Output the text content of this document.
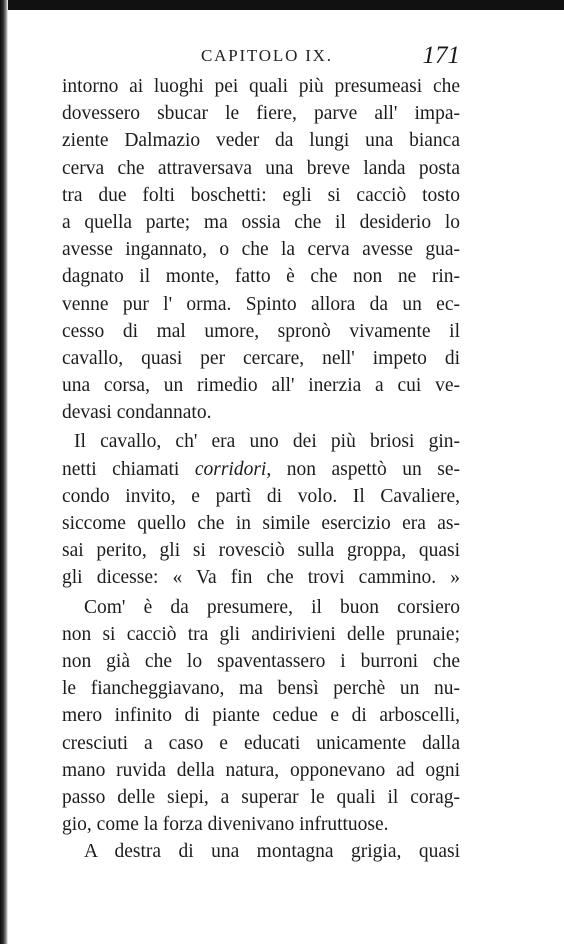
CAPITOLO IX.	171
intorno ai luoghi pei quali più presumeasi che
dovessero sbucar le fiere, parve all' impa-
ziente Dalmazio veder da lungi una bianca
cerva che attraversava una breve landa posta
tra due folti boschetti: egli si cacciò tosto
a quella parte; ma ossia che il desiderio lo
avesse ingannato, o che la cerva avesse gua-
dagnato il monte, fatto è che non ne rin-
venne pur l' orma. Spinto allora da un ec-
cesso di mal umore, spronò vivamente il
cavallo, quasi per cercare, nell' impeto di
una corsa, un rimedio all' inerzia a cui ve-
devasi condannato.
Il cavallo, ch' era uno dei più briosi gin-
netti chiamati corridori, non aspettò un se-
condo invito, e partì di volo. Il Cavaliere,
siccome quello che in simile esercizio era as-
sai perito, gli si rovesciò sulla groppa, quasi
gli dicesse: « Va fin che trovi cammino. »
Com' è da presumere, il buon corsiero
non si cacciò tra gli andirivieni delle prunaie;
non già che lo spaventassero i burroni che
le fiancheggiavano, ma bensì perchè un nu-
mero infinito di piante cedue e di arboscelli,
cresciuti a caso e educati unicamente dalla
mano ruvida della natura, opponevano ad ogni
passo delle siepi, a superar le quali il corag-
gio, come la forza divenivano infruttuose.
A destra di una montagna grigia, quasi
